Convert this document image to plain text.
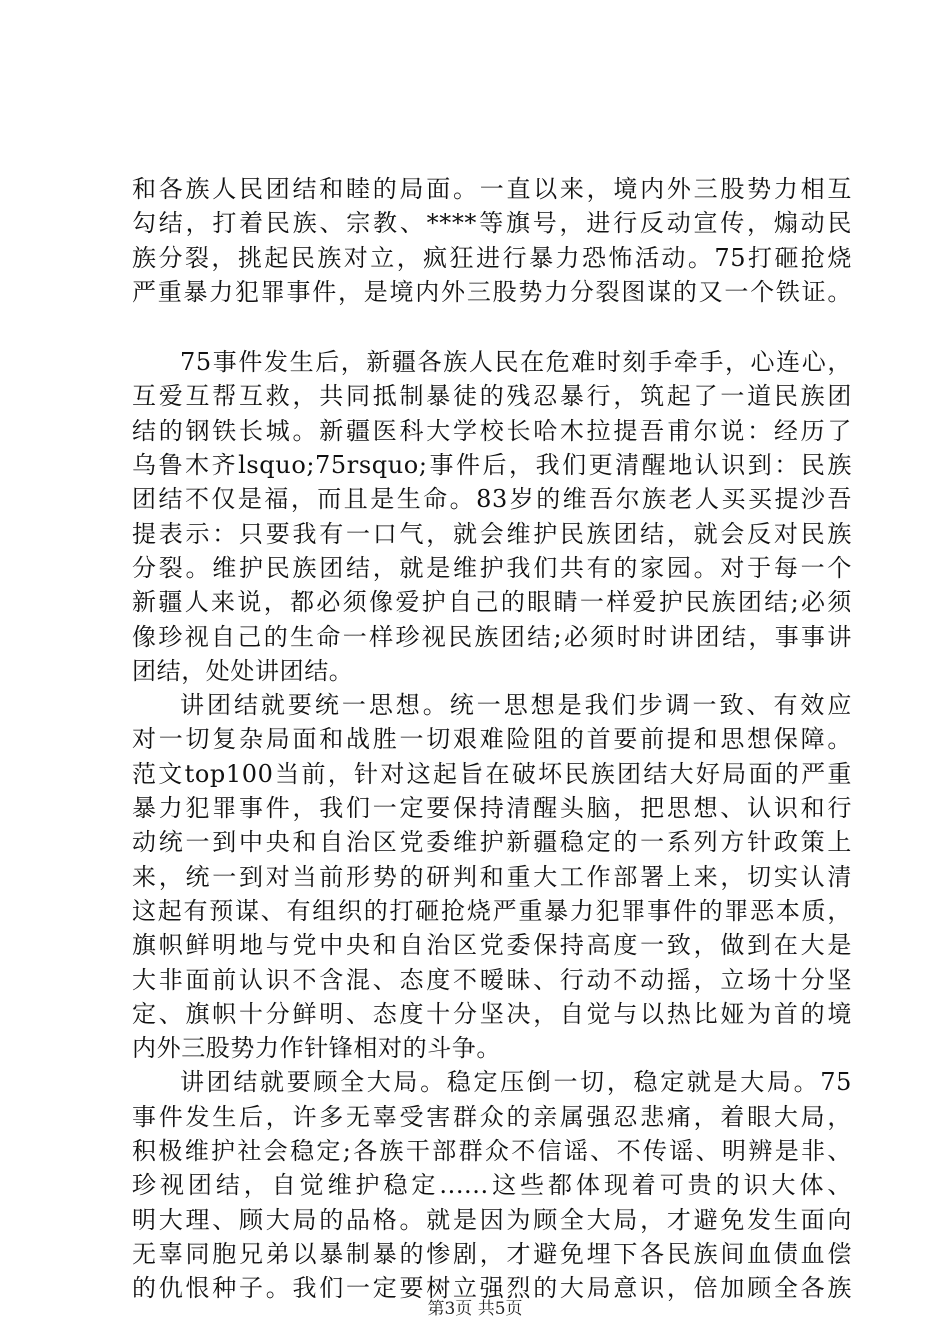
和各族人民团结和睦的局面。一直以来，境内外三股势力相互
勾结，打着民族、宗教、****等旗号，进行反动宣传，煽动民
族分裂，挑起民族对立，疯狂进行暴力恐怖活动。75打砸抢烧
严重暴力犯罪事件，是境内外三股势力分裂图谋的又一个铁证。
75事件发生后，新疆各族人民在危难时刻手牵手，心连心，
互爱互帮互救，共同抵制暴徒的残忍暴行，筑起了一道民族团
结的钢铁长城。新疆医科大学校长哈木拉提吾甫尔说：经历了
乌鲁木齐lsquo;75rsquo;事件后，我们更清醒地认识到：民族
团结不仅是福，而且是生命。83岁的维吾尔族老人买买提沙吾
提表示：只要我有一口气，就会维护民族团结，就会反对民族
分裂。维护民族团结，就是维护我们共有的家园。对于每一个
新疆人来说，都必须像爱护自己的眼睛一样爱护民族团结;必须
像珍视自己的生命一样珍视民族团结;必须时时讲团结，事事讲
团结，处处讲团结。
讲团结就要统一思想。统一思想是我们步调一致、有效应
对一切复杂局面和战胜一切艰难险阻的首要前提和思想保障。
范文top100当前，针对这起旨在破坏民族团结大好局面的严重
暴力犯罪事件，我们一定要保持清醒头脑，把思想、认识和行
动统一到中央和自治区党委维护新疆稳定的一系列方针政策上
来，统一到对当前形势的研判和重大工作部署上来，切实认清
这起有预谋、有组织的打砸抢烧严重暴力犯罪事件的罪恶本质，
旗帜鲜明地与党中央和自治区党委保持高度一致，做到在大是
大非面前认识不含混、态度不暧昧、行动不动摇，立场十分坚
定、旗帜十分鲜明、态度十分坚决，自觉与以热比娅为首的境
内外三股势力作针锋相对的斗争。
讲团结就要顾全大局。稳定压倒一切，稳定就是大局。75
事件发生后，许多无辜受害群众的亲属强忍悲痛，着眼大局，
积极维护社会稳定;各族干部群众不信谣、不传谣、明辨是非、
珍视团结，自觉维护稳定......这些都体现着可贵的识大体、
明大理、顾大局的品格。就是因为顾全大局，才避免发生面向
无辜同胞兄弟以暴制暴的惨剧，才避免埋下各民族间血债血偿
的仇恨种子。我们一定要树立强烈的大局意识，倍加顾全各族
第3页 共5页
